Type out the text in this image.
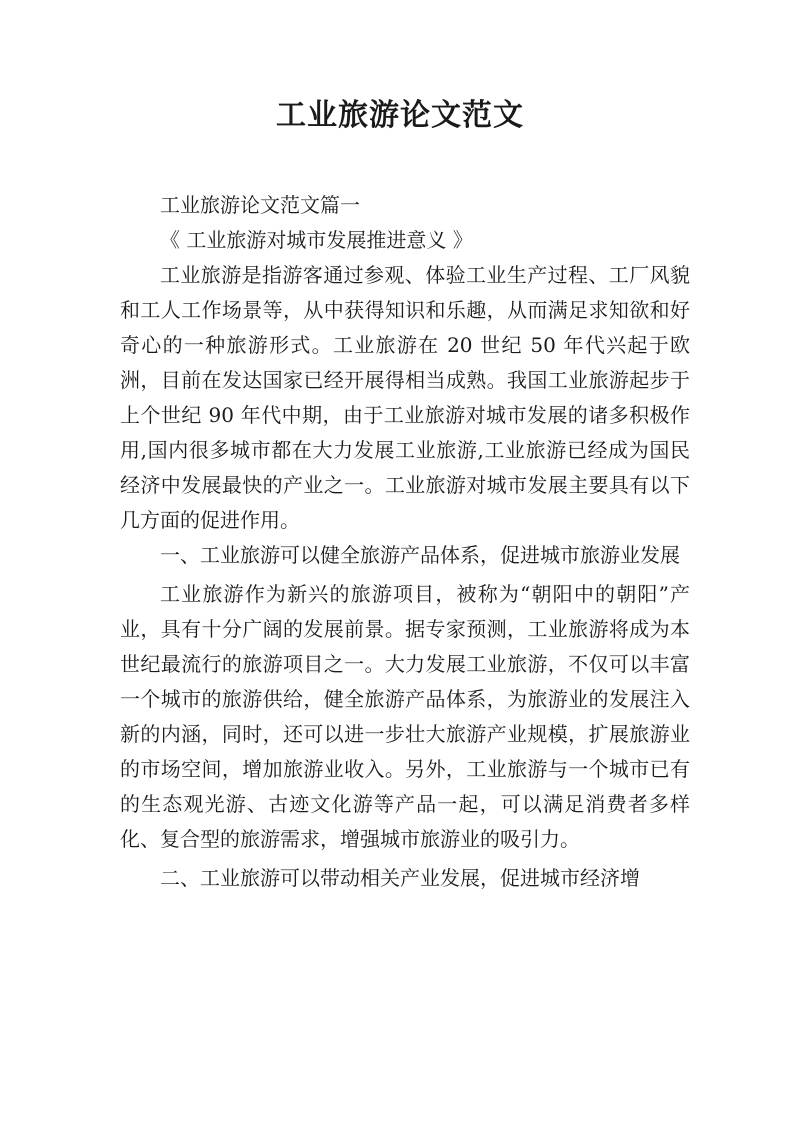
工业旅游论文范文

工业旅游论文范文篇一

《 工业旅游对城市发展推进意义 》

工业旅游是指游客通过参观、体验工业生产过程、工厂风貌和工人工作场景等，从中获得知识和乐趣，从而满足求知欲和好奇心的一种旅游形式。工业旅游在 20 世纪 50 年代兴起于欧洲，目前在发达国家已经开展得相当成熟。我国工业旅游起步于上个世纪 90 年代中期，由于工业旅游对城市发展的诸多积极作用,国内很多城市都在大力发展工业旅游,工业旅游已经成为国民经济中发展最快的产业之一。工业旅游对城市发展主要具有以下几方面的促进作用。

一、工业旅游可以健全旅游产品体系，促进城市旅游业发展

工业旅游作为新兴的旅游项目，被称为“朝阳中的朝阳”产业，具有十分广阔的发展前景。据专家预测，工业旅游将成为本世纪最流行的旅游项目之一。大力发展工业旅游，不仅可以丰富一个城市的旅游供给，健全旅游产品体系，为旅游业的发展注入新的内涵，同时，还可以进一步壮大旅游产业规模，扩展旅游业的市场空间，增加旅游业收入。另外，工业旅游与一个城市已有的生态观光游、古迹文化游等产品一起，可以满足消费者多样化、复合型的旅游需求，增强城市旅游业的吸引力。

二、工业旅游可以带动相关产业发展，促进城市经济增
